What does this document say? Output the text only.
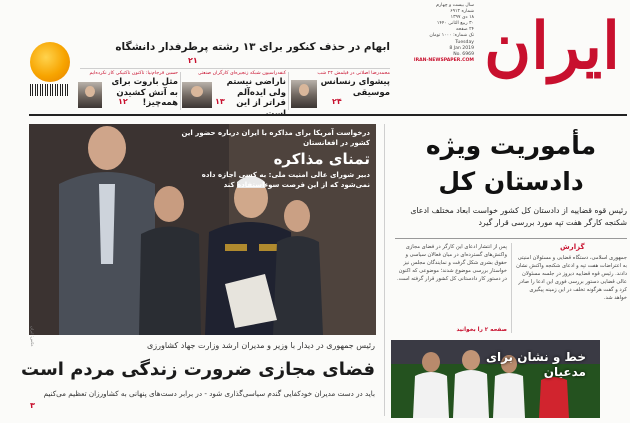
ایران
سال بیست و چهارم
شماره ۶۹۱۲
۱۸ دی ۱۳۹۷
۳۰ ربیع الثانی ۱۴۴۰
۲۴ صفحه
تک شماره: ۱۰۰۰ تومان
Tuesday
8 Jan 2019
No. 6969
IRAN-NEWSPAPER.COM
ابهام در حذف کنکور برای ۱۳ رشته پرطرفدار دانشگاه
۲۱
محمدرضا اصلانی در فیلمش ۲۴ شب
پیشوای رنسانس موسیقی
۲۴
کنفدراسیون شبکه زنجیره‌ای کارگران صنعتی
ناراضی نیستم ولی ایده‌آلم فراتر از این
۱۳
حسین فرجام‌نیا: تاکنون تاکتیکی کار نکرده‌ایم
مثل باروت برای به آتش کشیدن همه‌چیز!
۱۲
مأموریت ویژه
دادستان کل
رئیس قوه قضاییه از دادستان کل کشور خواست ابعاد مختلف ادعای شکنجه کارگر هفت تپه مورد بررسی قرار گیرد
گزارش
جمهوری اسلامی، دستگاه قضایی و مسئولان امنیتی به اعتراضات هفت تپه و ادعای شکنجه واکنش نشان دادند. رئیس قوه قضاییه دیروز در جلسه مسئولان عالی قضایی دستور بررسی فوری این ادعا را صادر کرد و گفت هرگونه تخلف در این زمینه پیگیری خواهد شد.
پس از انتشار ادعای این کارگر در فضای مجازی واکنش‌های گسترده‌ای در میان فعالان سیاسی و حقوق بشری شکل گرفت و نمایندگان مجلس نیز خواستار بررسی موضوع شدند؛ موضوعی که اکنون در دستور کار دادستانی کل کشور قرار گرفته است.
صفحه ۲ را بخوانید
درخواست آمریکا برای مذاکره با ایران درباره حضور این کشور در افغانستان
تمنای مذاکره
دبیر شورای عالی امنیت ملی: به کسی اجازه داده نمی‌شود که از این فرصت سوءاستفاده کند
عکس: ایران	رئیس جمهوری در دیدار با وزیر و مدیران ارشد وزارت جهاد کشاورزی
فضای مجازی ضرورت زندگی مردم است
باید در دست مدیران خودکفایی گندم سیاسی‌گذاری شود - در برابر دست‌های پنهانی به کشاورزان تعظیم می‌کنیم
۳
خط و نشان برای
مدعیان
